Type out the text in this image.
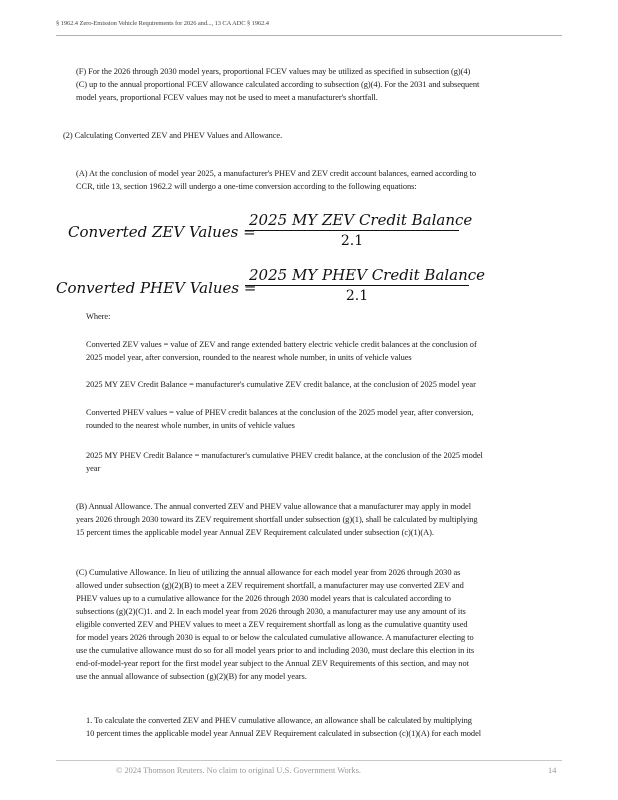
§ 1962.4 Zero-Emission Vehicle Requirements for 2026 and..., 13 CA ADC § 1962.4
(F) For the 2026 through 2030 model years, proportional FCEV values may be utilized as specified in subsection (g)(4)
(C) up to the annual proportional FCEV allowance calculated according to subsection (g)(4). For the 2031 and subsequent
model years, proportional FCEV values may not be used to meet a manufacturer's shortfall.
(2) Calculating Converted ZEV and PHEV Values and Allowance.
(A) At the conclusion of model year 2025, a manufacturer's PHEV and ZEV credit account balances, earned according to
CCR, title 13, section 1962.2 will undergo a one-time conversion according to the following equations:
Converted ZEV Values =
2025 MY ZEV Credit Balance
2.1
Converted PHEV Values =
2025 MY PHEV Credit Balance
2.1
Where:
Converted ZEV values = value of ZEV and range extended battery electric vehicle credit balances at the conclusion of
2025 model year, after conversion, rounded to the nearest whole number, in units of vehicle values
2025 MY ZEV Credit Balance = manufacturer's cumulative ZEV credit balance, at the conclusion of 2025 model year
Converted PHEV values = value of PHEV credit balances at the conclusion of the 2025 model year, after conversion,
rounded to the nearest whole number, in units of vehicle values
2025 MY PHEV Credit Balance = manufacturer's cumulative PHEV credit balance, at the conclusion of the 2025 model
year
(B) Annual Allowance. The annual converted ZEV and PHEV value allowance that a manufacturer may apply in model
years 2026 through 2030 toward its ZEV requirement shortfall under subsection (g)(1), shall be calculated by multiplying
15 percent times the applicable model year Annual ZEV Requirement calculated under subsection (c)(1)(A).
(C) Cumulative Allowance. In lieu of utilizing the annual allowance for each model year from 2026 through 2030 as
allowed under subsection (g)(2)(B) to meet a ZEV requirement shortfall, a manufacturer may use converted ZEV and
PHEV values up to a cumulative allowance for the 2026 through 2030 model years that is calculated according to
subsections (g)(2)(C)1. and 2. In each model year from 2026 through 2030, a manufacturer may use any amount of its
eligible converted ZEV and PHEV values to meet a ZEV requirement shortfall as long as the cumulative quantity used
for model years 2026 through 2030 is equal to or below the calculated cumulative allowance. A manufacturer electing to
use the cumulative allowance must do so for all model years prior to and including 2030, must declare this election in its
end-of-model-year report for the first model year subject to the Annual ZEV Requirements of this section, and may not
use the annual allowance of subsection (g)(2)(B) for any model years.
1. To calculate the converted ZEV and PHEV cumulative allowance, an allowance shall be calculated by multiplying
10 percent times the applicable model year Annual ZEV Requirement calculated in subsection (c)(1)(A) for each model
© 2024 Thomson Reuters. No claim to original U.S. Government Works.	14
